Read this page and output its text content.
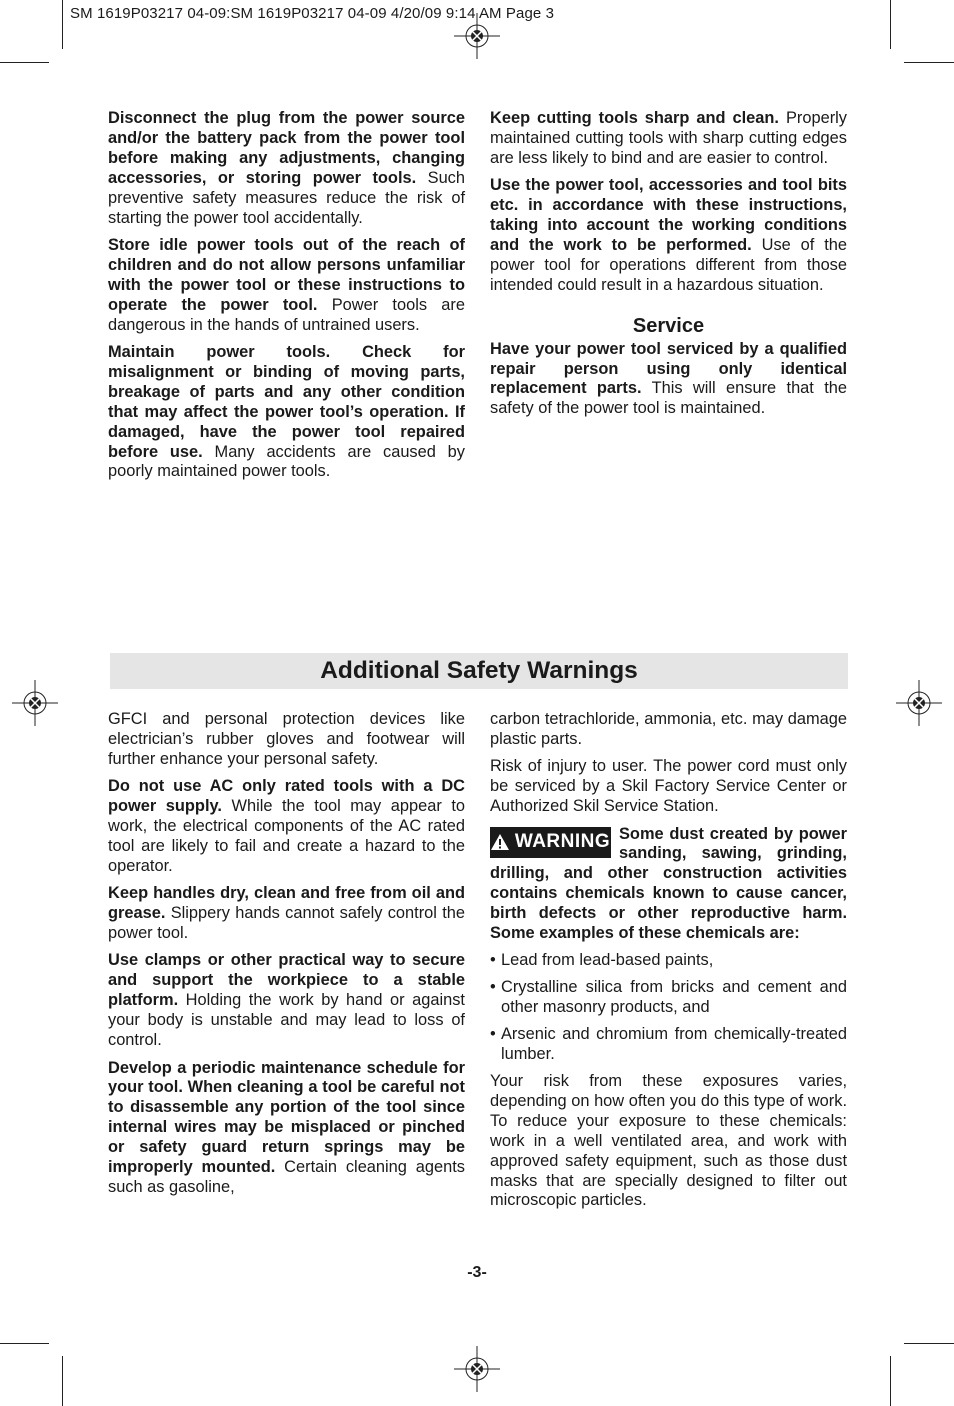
SM 1619P03217 04-09:SM 1619P03217 04-09 4/20/09 9:14 AM Page 3

Disconnect the plug from the power source and/or the battery pack from the power tool before making any adjustments, changing accessories, or storing power tools. Such preventive safety measures reduce the risk of starting the power tool accidentally.

Store idle power tools out of the reach of children and do not allow persons unfamiliar with the power tool or these instructions to operate the power tool. Power tools are dangerous in the hands of untrained users.

Maintain power tools. Check for misalignment or binding of moving parts, breakage of parts and any other condition that may affect the power tool’s operation. If damaged, have the power tool repaired before use. Many accidents are caused by poorly maintained power tools.

Keep cutting tools sharp and clean. Properly maintained cutting tools with sharp cutting edges are less likely to bind and are easier to control.

Use the power tool, accessories and tool bits etc. in accordance with these instructions, taking into account the working conditions and the work to be performed. Use of the power tool for operations different from those intended could result in a hazardous situation.

Service

Have your power tool serviced by a qualified repair person using only identical replacement parts. This will ensure that the safety of the power tool is maintained.

Additional Safety Warnings

GFCI and personal protection devices like electrician’s rubber gloves and footwear will further enhance your personal safety.

Do not use AC only rated tools with a DC power supply. While the tool may appear to work, the electrical components of the AC rated tool are likely to fail and create a hazard to the operator.

Keep handles dry, clean and free from oil and grease. Slippery hands cannot safely control the power tool.

Use clamps or other practical way to secure and support the workpiece to a stable platform. Holding the work by hand or against your body is unstable and may lead to loss of control.

Develop a periodic maintenance schedule for your tool. When cleaning a tool be careful not to disassemble any portion of the tool since internal wires may be misplaced or pinched or safety guard return springs may be improperly mounted. Certain cleaning agents such as gasoline,

carbon tetrachloride, ammonia, etc. may damage plastic parts.

Risk of injury to user. The power cord must only be serviced by a Skil Factory Service Center or Authorized Skil Service Station.

WARNING Some dust created by power sanding, sawing, grinding, drilling, and other construction activities contains chemicals known to cause cancer, birth defects or other reproductive harm. Some examples of these chemicals are:

• Lead from lead-based paints,
• Crystalline silica from bricks and cement and other masonry products, and
• Arsenic and chromium from chemically-treated lumber.

Your risk from these exposures varies, depending on how often you do this type of work. To reduce your exposure to these chemicals: work in a well ventilated area, and work with approved safety equipment, such as those dust masks that are specially designed to filter out microscopic particles.

-3-
